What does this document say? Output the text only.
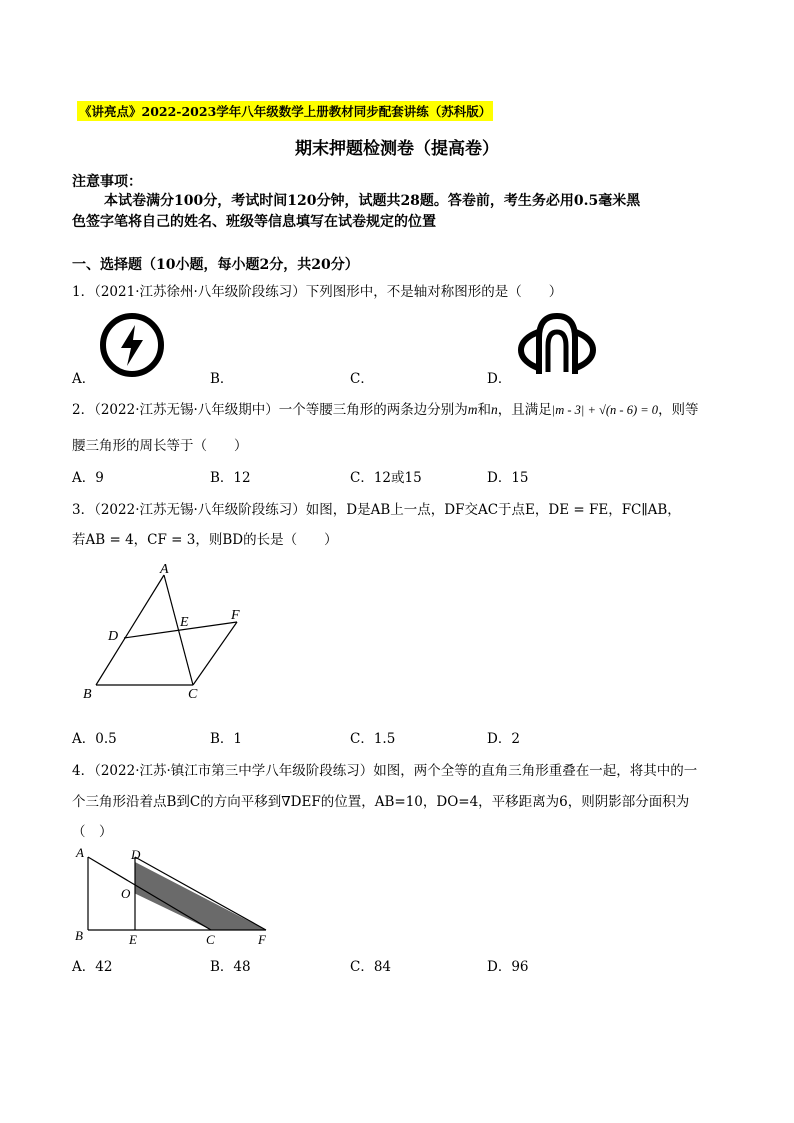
《讲亮点》2022-2023学年八年级数学上册教材同步配套讲练（苏科版）
期末押题检测卷（提高卷）
注意事项：
本试卷满分100分，考试时间120分钟，试题共28题。答卷前，考生务必用0.5毫米黑
色签字笔将自己的姓名、班级等信息填写在试卷规定的位置
一、选择题（10小题，每小题2分，共20分）
1．（2021·江苏徐州·八年级阶段练习）下列图形中，不是轴对称图形的是（　　）
A．	B．	C．	D．
2．（2022·江苏无锡·八年级期中）一个等腰三角形的两条边分别为m和n，且满足|m - 3| + √(n - 6) = 0，则等
腰三角形的周长等于（　　）
A．9	B．12	C．12或15	D．15
3．（2022·江苏无锡·八年级阶段练习）如图，D是AB上一点，DF交AC于点E，DE = FE，FC∥AB，
若AB = 4，CF = 3，则BD的长是（　　）
A
B	C
D
E	F
A．0.5	B．1	C．1.5	D．2
4．（2022·江苏·镇江市第三中学八年级阶段练习）如图，两个全等的直角三角形重叠在一起，将其中的一
个三角形沿着点B到C的方向平移到∇DEF的位置，AB=10，DO=4，平移距离为6，则阴影部分面积为
（　）
A	D
O
B	E	C	F
A．42	B．48	C．84	D．96
